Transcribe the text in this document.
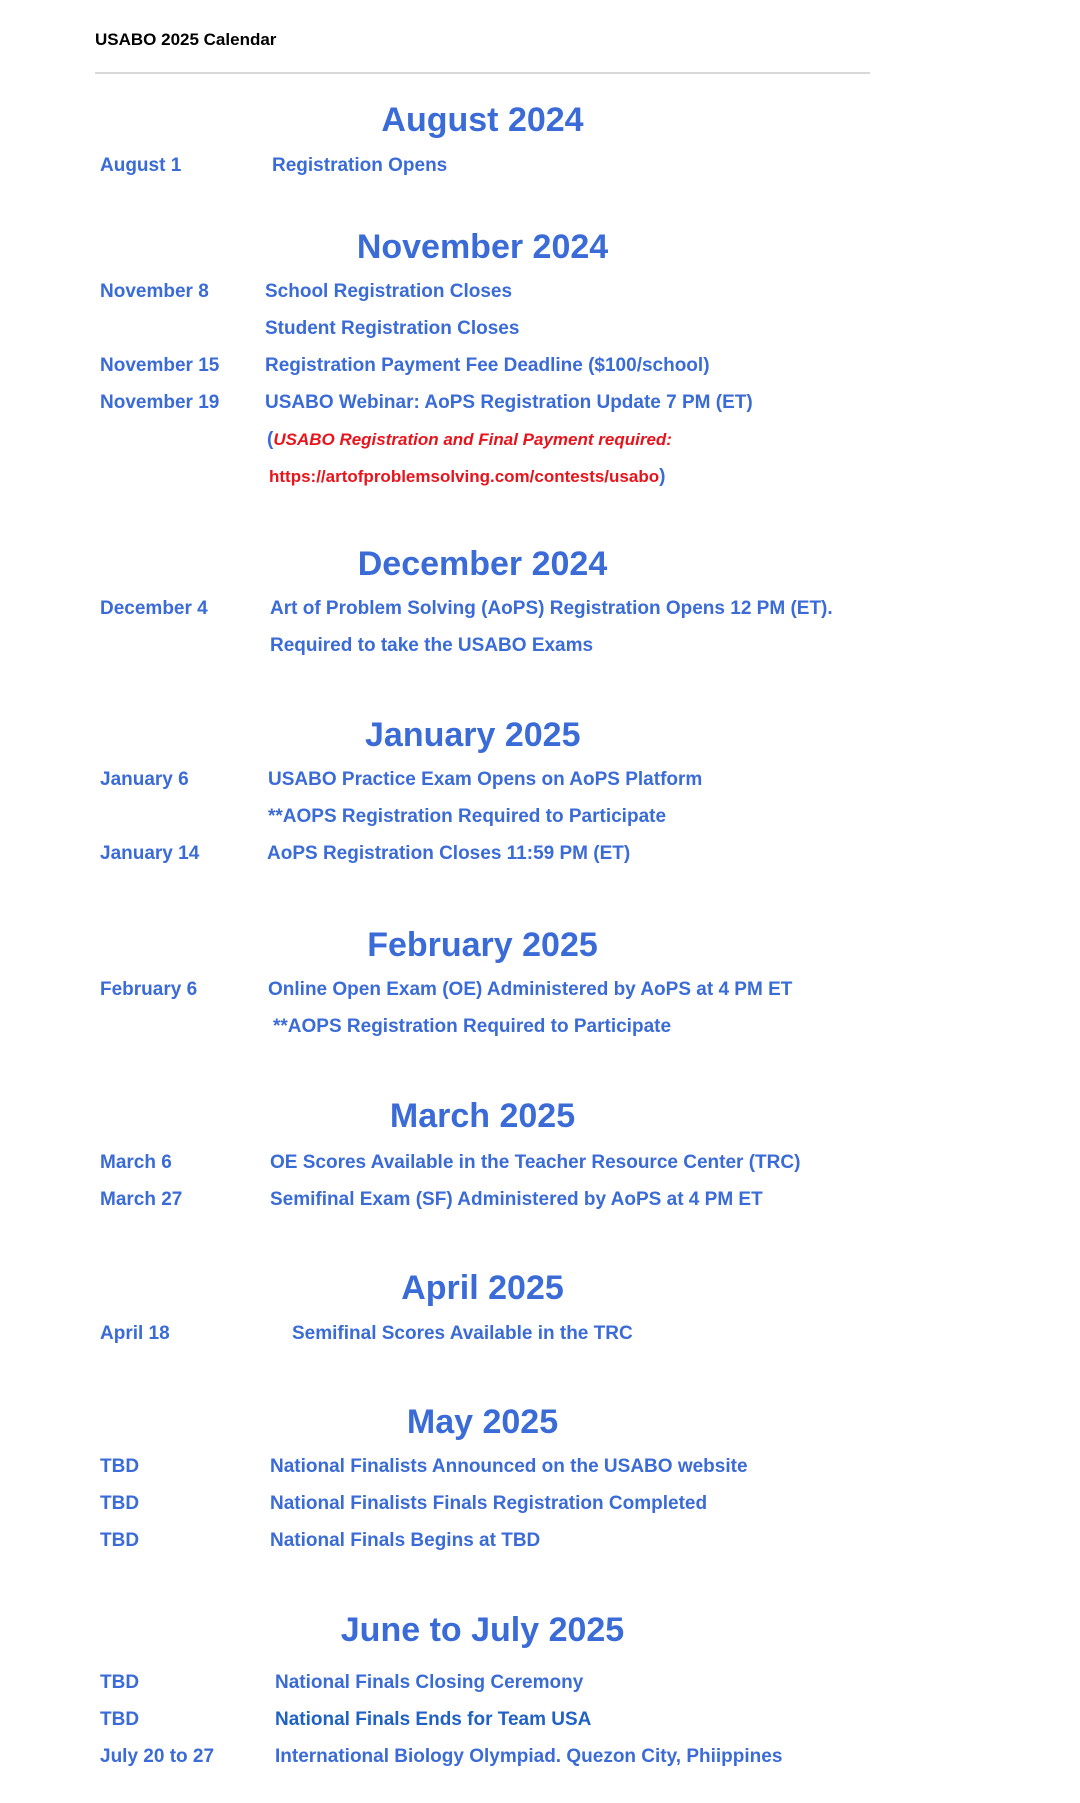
USABO 2025 Calendar
August 2024
August 1	Registration Opens
November 2024
November 8	School Registration Closes
Student Registration Closes
November 15 Registration Payment Fee Deadline ($100/school)
November 19 USABO Webinar: AoPS Registration Update 7 PM (ET)
(USABO Registration and Final Payment required:
https://artofproblemsolving.com/contests/usabo)
December 2024
December 4	Art of Problem Solving (AoPS) Registration Opens 12 PM (ET).
Required to take the USABO Exams
January 2025
January 6	USABO Practice Exam Opens on AoPS Platform
**AOPS Registration Required to Participate
January 14	AoPS Registration Closes 11:59 PM (ET)
February 2025
February 6	Online Open Exam (OE) Administered by AoPS at 4 PM ET
**AOPS Registration Required to Participate
March 2025
March 6	OE Scores Available in the Teacher Resource Center (TRC)
March 27	Semifinal Exam (SF) Administered by AoPS at 4 PM ET
April 2025
April 18	Semifinal Scores Available in the TRC
May 2025
TBD	National Finalists Announced on the USABO website
TBD	National Finalists Finals Registration Completed
TBD	National Finals Begins at TBD
June to July 2025
TBD	National Finals Closing Ceremony
TBD	National Finals Ends for Team USA
July 20 to 27	International Biology Olympiad. Quezon City, Phiippines
